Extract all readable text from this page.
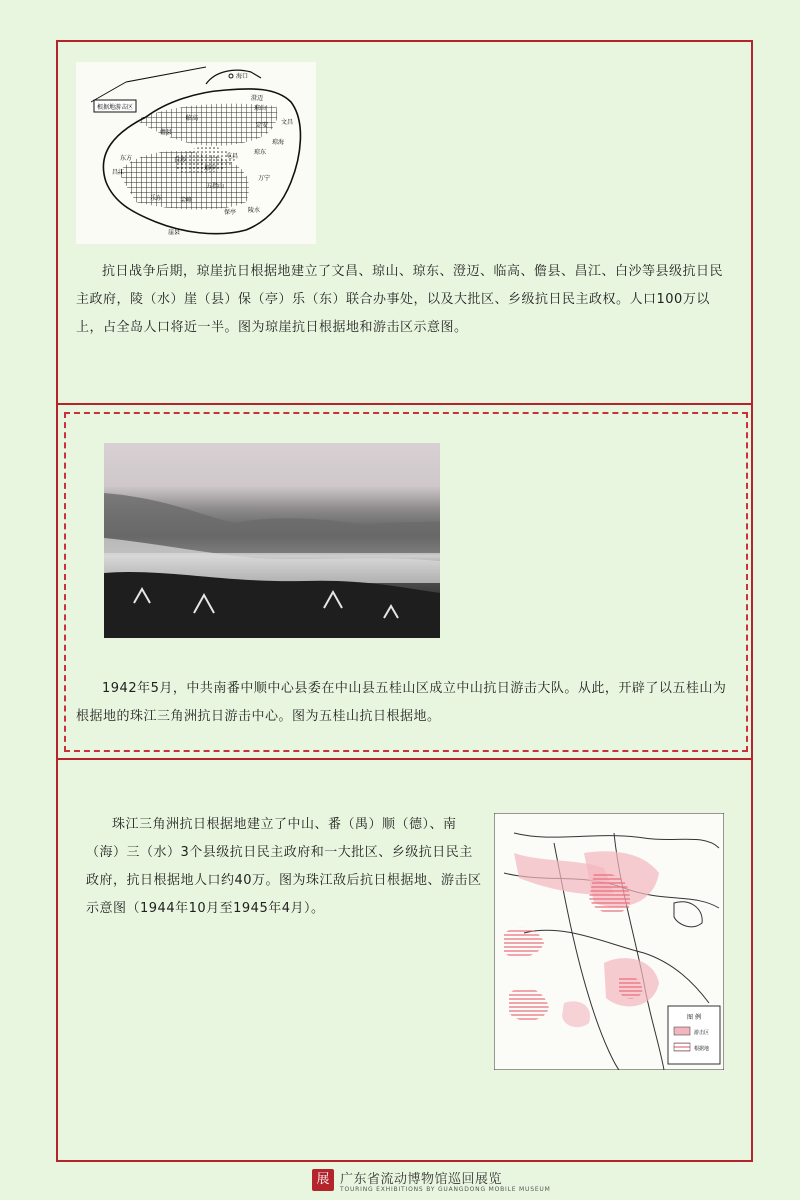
根据地游击区
海口
澄迈
临高
琼山
定安 文昌
儋县
东方	白沙
昌江
琼东
屯昌
琼中
万宁
五指山
保亭
崖县
陵水
乐东
琼海
尖峰

抗日战争后期，琼崖抗日根据地建立了文昌、琼山、琼东、澄迈、临高、儋县、昌江、白沙等县级抗日民主政府，陵（水）崖（县）保（亭）乐（东）联合办事处，以及大批区、乡级抗日民主政权。人口100万以上，占全岛人口将近一半。图为琼崖抗日根据地和游击区示意图。

1942年5月，中共南番中顺中心县委在中山县五桂山区成立中山抗日游击大队。从此，开辟了以五桂山为根据地的珠江三角洲抗日游击中心。图为五桂山抗日根据地。

珠江三角洲抗日根据地建立了中山、番（禺）顺（德）、南（海）三（水）3个县级抗日民主政府和一大批区、乡级抗日民主政府，抗日根据地人口约40万。图为珠江敌后抗日根据地、游击区示意图（1944年10月至1945年4月）。

图 例
游击区
根据地
展 广东省流动博物馆巡回展览
TOURING EXHIBITIONS BY GUANGDONG MOBILE MUSEUM
